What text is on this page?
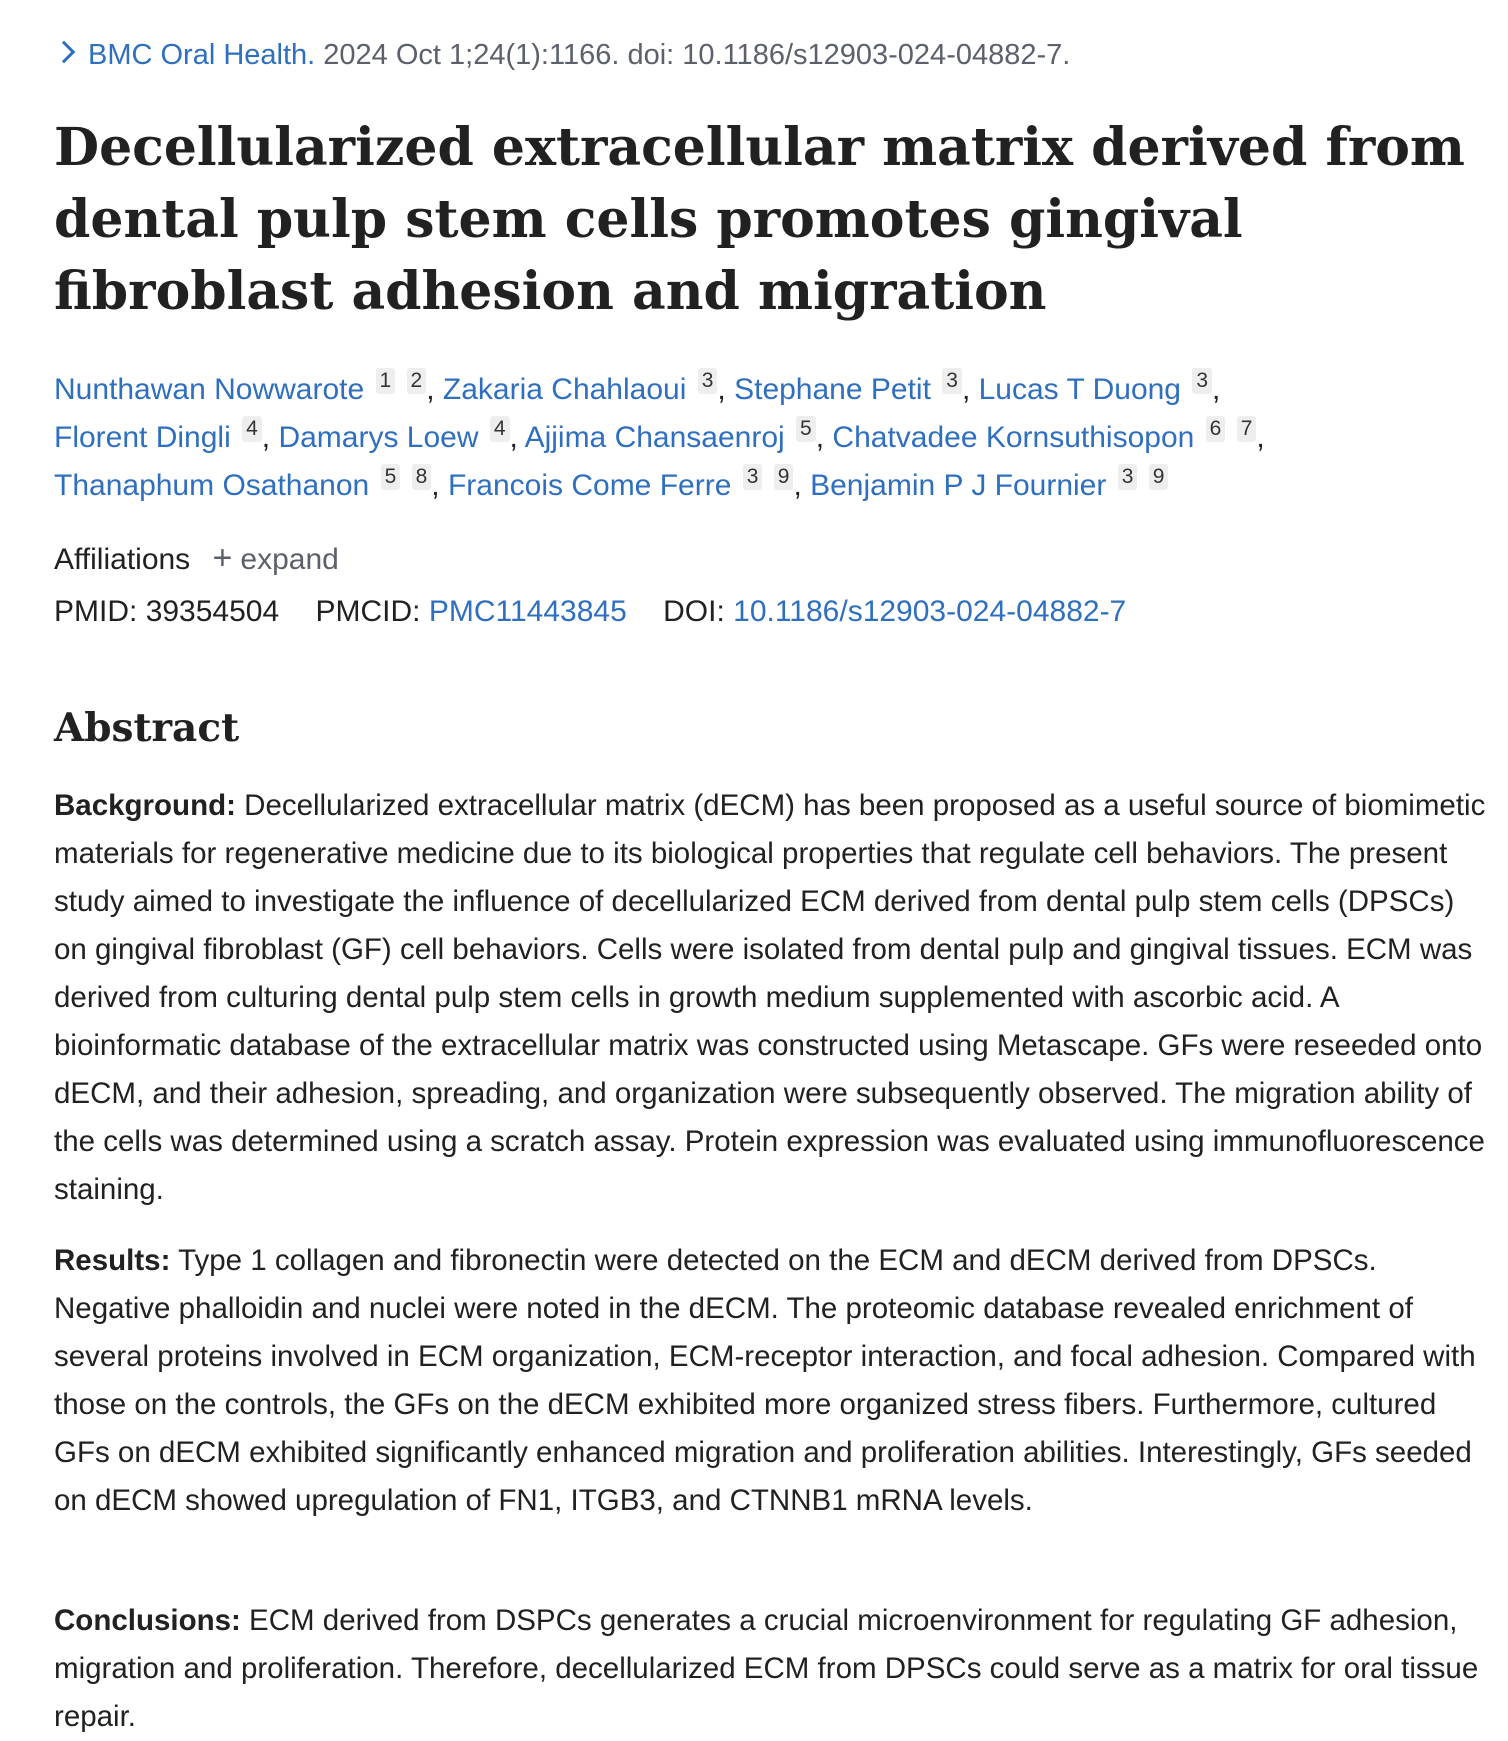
BMC Oral Health. 2024 Oct 1;24(1):1166. doi: 10.1186/s12903-024-04882-7.
Decellularized extracellular matrix derived from dental pulp stem cells promotes gingival fibroblast adhesion and migration
Nunthawan Nowwarote 1 2 , Zakaria Chahlaoui 3 , Stephane Petit 3 , Lucas T Duong 3 ,
Florent Dingli 4 , Damarys Loew 4 , Ajjima Chansaenroj 5 , Chatvadee Kornsuthisopon 6 7 ,
Thanaphum Osathanon 5 8 , Francois Come Ferre 3 9 , Benjamin P J Fournier 3 9
Affiliations + expand
PMID: 39354504 PMCID: PMC11443845 DOI: 10.1186/s12903-024-04882-7
Abstract

Background: Decellularized extracellular matrix (dECM) has been proposed as a useful source of biomimetic materials for regenerative medicine due to its biological properties that regulate cell behaviors. The present study aimed to investigate the influence of decellularized ECM derived from dental pulp stem cells (DPSCs) on gingival fibroblast (GF) cell behaviors. Cells were isolated from dental pulp and gingival tissues. ECM was derived from culturing dental pulp stem cells in growth medium supplemented with ascorbic acid. A bioinformatic database of the extracellular matrix was constructed using Metascape. GFs were reseeded onto dECM, and their adhesion, spreading, and organization were subsequently observed. The migration ability of the cells was determined using a scratch assay. Protein expression was evaluated using immunofluorescence staining.

Results: Type 1 collagen and fibronectin were detected on the ECM and dECM derived from DPSCs. Negative phalloidin and nuclei were noted in the dECM. The proteomic database revealed enrichment of several proteins involved in ECM organization, ECM-receptor interaction, and focal adhesion. Compared with those on the controls, the GFs on the dECM exhibited more organized stress fibers. Furthermore, cultured GFs on dECM exhibited significantly enhanced migration and proliferation abilities. Interestingly, GFs seeded on dECM showed upregulation of FN1, ITGB3, and CTNNB1 mRNA levels.

Conclusions: ECM derived from DSPCs generates a crucial microenvironment for regulating GF adhesion, migration and proliferation. Therefore, decellularized ECM from DPSCs could serve as a matrix for oral tissue repair.
